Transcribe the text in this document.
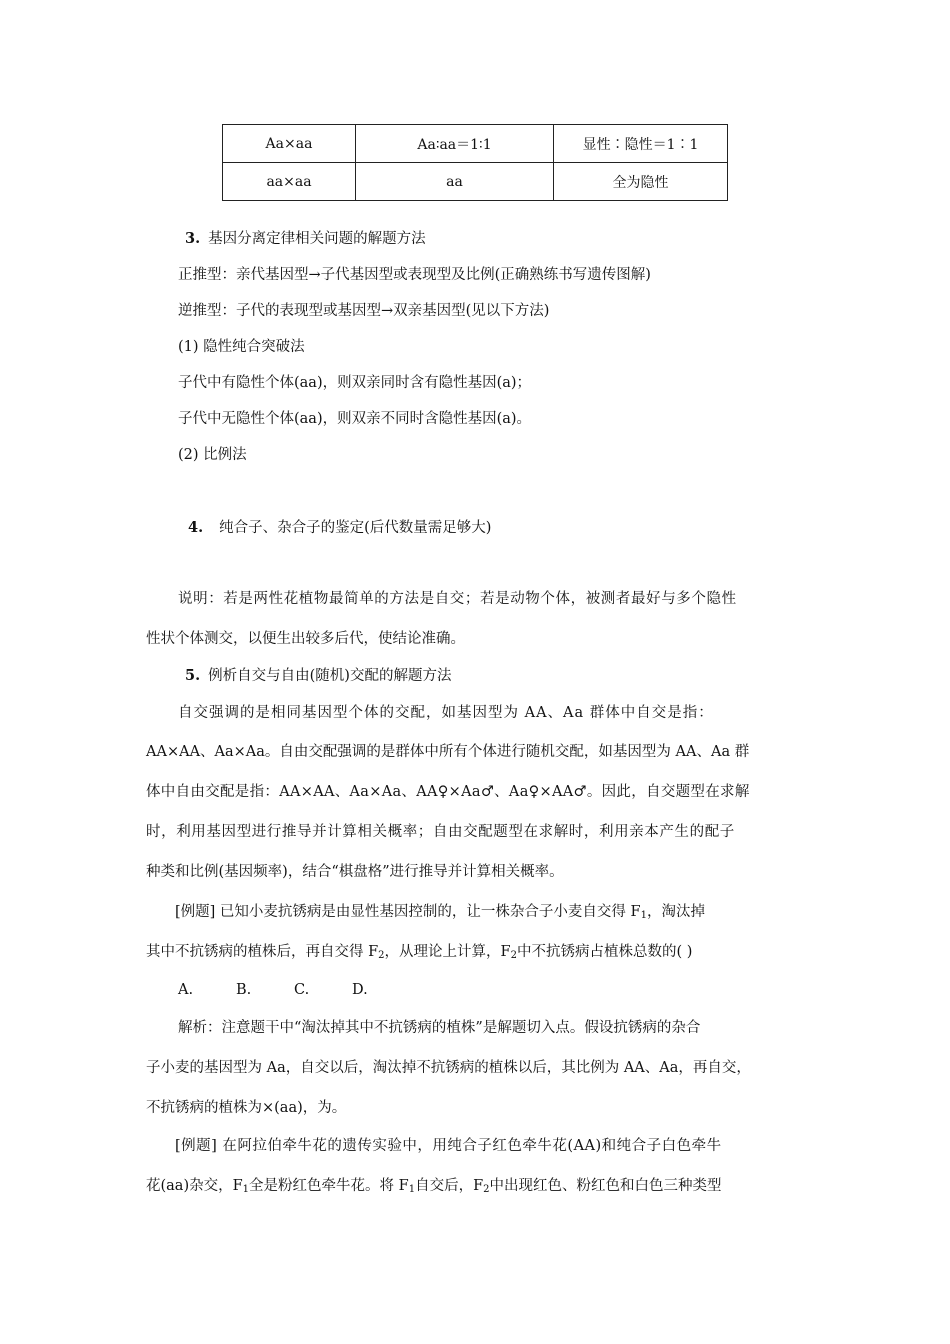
Aa×aa	Aa∶aa＝1∶1	显性∶隐性＝1∶1
aa×aa	aa	全为隐性
3. 基因分离定律相关问题的解题方法
正推型：亲代基因型→子代基因型或表现型及比例(正确熟练书写遗传图解)
逆推型：子代的表现型或基因型→双亲基因型(见以下方法)
(1) 隐性纯合突破法
子代中有隐性个体(aa)，则双亲同时含有隐性基因(a)；
子代中无隐性个体(aa)，则双亲不同时含隐性基因(a)。
(2) 比例法
4. 纯合子、杂合子的鉴定(后代数量需足够大)
说明：若是两性花植物最简单的方法是自交；若是动物个体，被测者最好与多个隐性
性状个体测交，以便生出较多后代，使结论准确。
5. 例析自交与自由(随机)交配的解题方法
自交强调的是相同基因型个体的交配，如基因型为 AA、Aa 群体中自交是指：
AA×AA、Aa×Aa。自由交配强调的是群体中所有个体进行随机交配，如基因型为 AA、Aa 群
体中自由交配是指：AA×AA、Aa×Aa、AA♀×Aa♂、Aa♀×AA♂。因此，自交题型在求解
时，利用基因型进行推导并计算相关概率；自由交配题型在求解时，利用亲本产生的配子
种类和比例(基因频率)，结合“棋盘格”进行推导并计算相关概率。
[例题] 已知小麦抗锈病是由显性基因控制的，让一株杂合子小麦自交得 $F_1$，淘汰掉
其中不抗锈病的植株后，再自交得 $F_2$，从理论上计算，$F_2$中不抗锈病占植株总数的( )
A.	B.	C.	D.
解析：注意题干中“淘汰掉其中不抗锈病的植株”是解题切入点。假设抗锈病的杂合
子小麦的基因型为 Aa，自交以后，淘汰掉不抗锈病的植株以后，其比例为 AA、Aa，再自交，
不抗锈病的植株为×(aa)，为。
[例题] 在阿拉伯牵牛花的遗传实验中，用纯合子红色牵牛花(AA)和纯合子白色牵牛
花(aa)杂交，$F_1$全是粉红色牵牛花。将 $F_1$自交后，$F_2$中出现红色、粉红色和白色三种类型
